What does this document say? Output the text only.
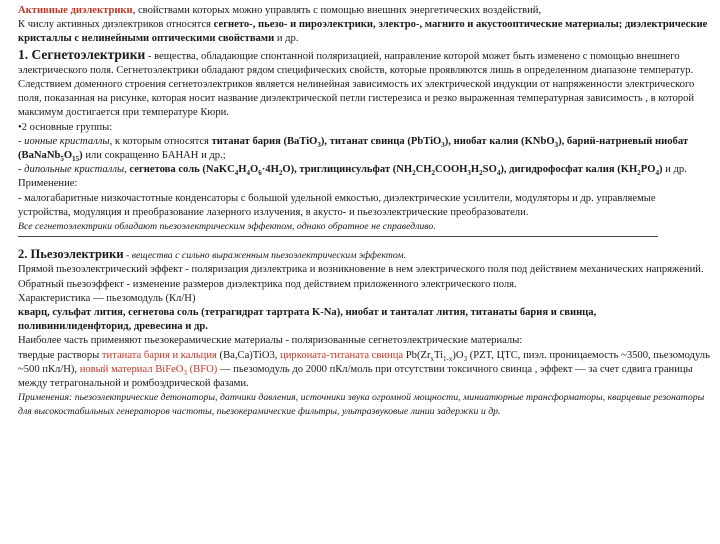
Активные диэлектрики, свойствами которых можно управлять с помощью внешних энергетических воздействий,
К числу активных диэлектриков относятся сегнето-, пьезо- и пироэлектрики, электро-, магнито и акустооптические материалы; диэлектрические кристаллы с нелинейными оптическими свойствами и др.

1. Сегнетоэлектрики - вещества, обладающие спонтанной поляризацией, направление которой может быть изменено с помощью внешнего электрического поля. Сегнетоэлектрики обладают рядом специфических свойств, которые проявляются лишь в определенном диапазоне температур.

Следствием доменного строения сегнетоэлектриков является нелинейная зависимость их электрической индукции от напряженности электрического поля, показанная на рисунке, которая носит название диэлектрической петли гистерезиса и резко выраженная температурная зависимость , в которой максимум достигается при температуре Кюри.

•2 основные группы:

- ионные кристаллы, к которым относятся титанат бария (BaTiO$_3$), титанат свинца (PbTiO$_3$), ниобат калия (KNbO$_3$), барий-натриевый ниобат $(BaNaNb_5O_{15})$ или сокращенно БАНАН и др.;

- дипольные кристаллы, сегнетова соль $(NaKC_4H_4O_6\cdot 4H_2O)$, триглицинсульфат $(NH_2CH_2COOH_3H_2SO_4)$, дигидрофосфат калия $(KH_2PO_4)$ и др.

Применение:

- малогабаритные низкочастотные конденсаторы с большой удельной емкостью, диэлектрические усилители, модуляторы и др. управляемые устройства, модуляция и преобразование лазерного излучения, в акусто- и пьезоэлектрические преобразователи.

Все сегнетоэлектрики обладают пьезоэлектрическим эффектом, однако обратное не справедливо.

2. Пьезоэлектрики - вещества с сильно выраженным пьезоэлектрическим эффектом.

Прямой пьезоэлектрический эффект - поляризация диэлектрика и возникновение в нем электрического поля под действием механических напряжений. Обратный пьезоэффект - изменение размеров диэлектрика под действием приложенного электрического поля.

Характеристика — пьезомодуль (Кл/Н)

кварц, сульфат лития, сегнетова соль (тетрагидрат тартрата K-Na), ниобат и танталат лития, титанаты бария и свинца, поливинилиденфторид, древесина и др.

Наиболее часть применяют пьезокерамические материалы - поляризованные сегнетоэлектрические материалы:

твердые растворы титаната бария и кальция (Ba,Ca)TiO3, цирконата-титаната свинца $Pb(Zr_xTi_{1-x})O_3$ (PZT, ЦТС, пиэл. проницаемость ~3500, пьезомодуль ~500 пКл/Н), новый материал BiFeO$_3$ (BFO) — пьезомодуль до 2000 пКл/моль при отсутствии токсичного свинца , эффект — за счет сдвига границы между тетрагональной и ромбоэдрической фазами.

Применения: пьезоэлектрические детонаторы, датчики давления, источники звука огромной мощности, миниатюрные трансформаторы, кварцевые резонаторы для высокостабильных генераторов частоты, пьезокерамические фильтры, ультразвуковые линии задержки и др.
